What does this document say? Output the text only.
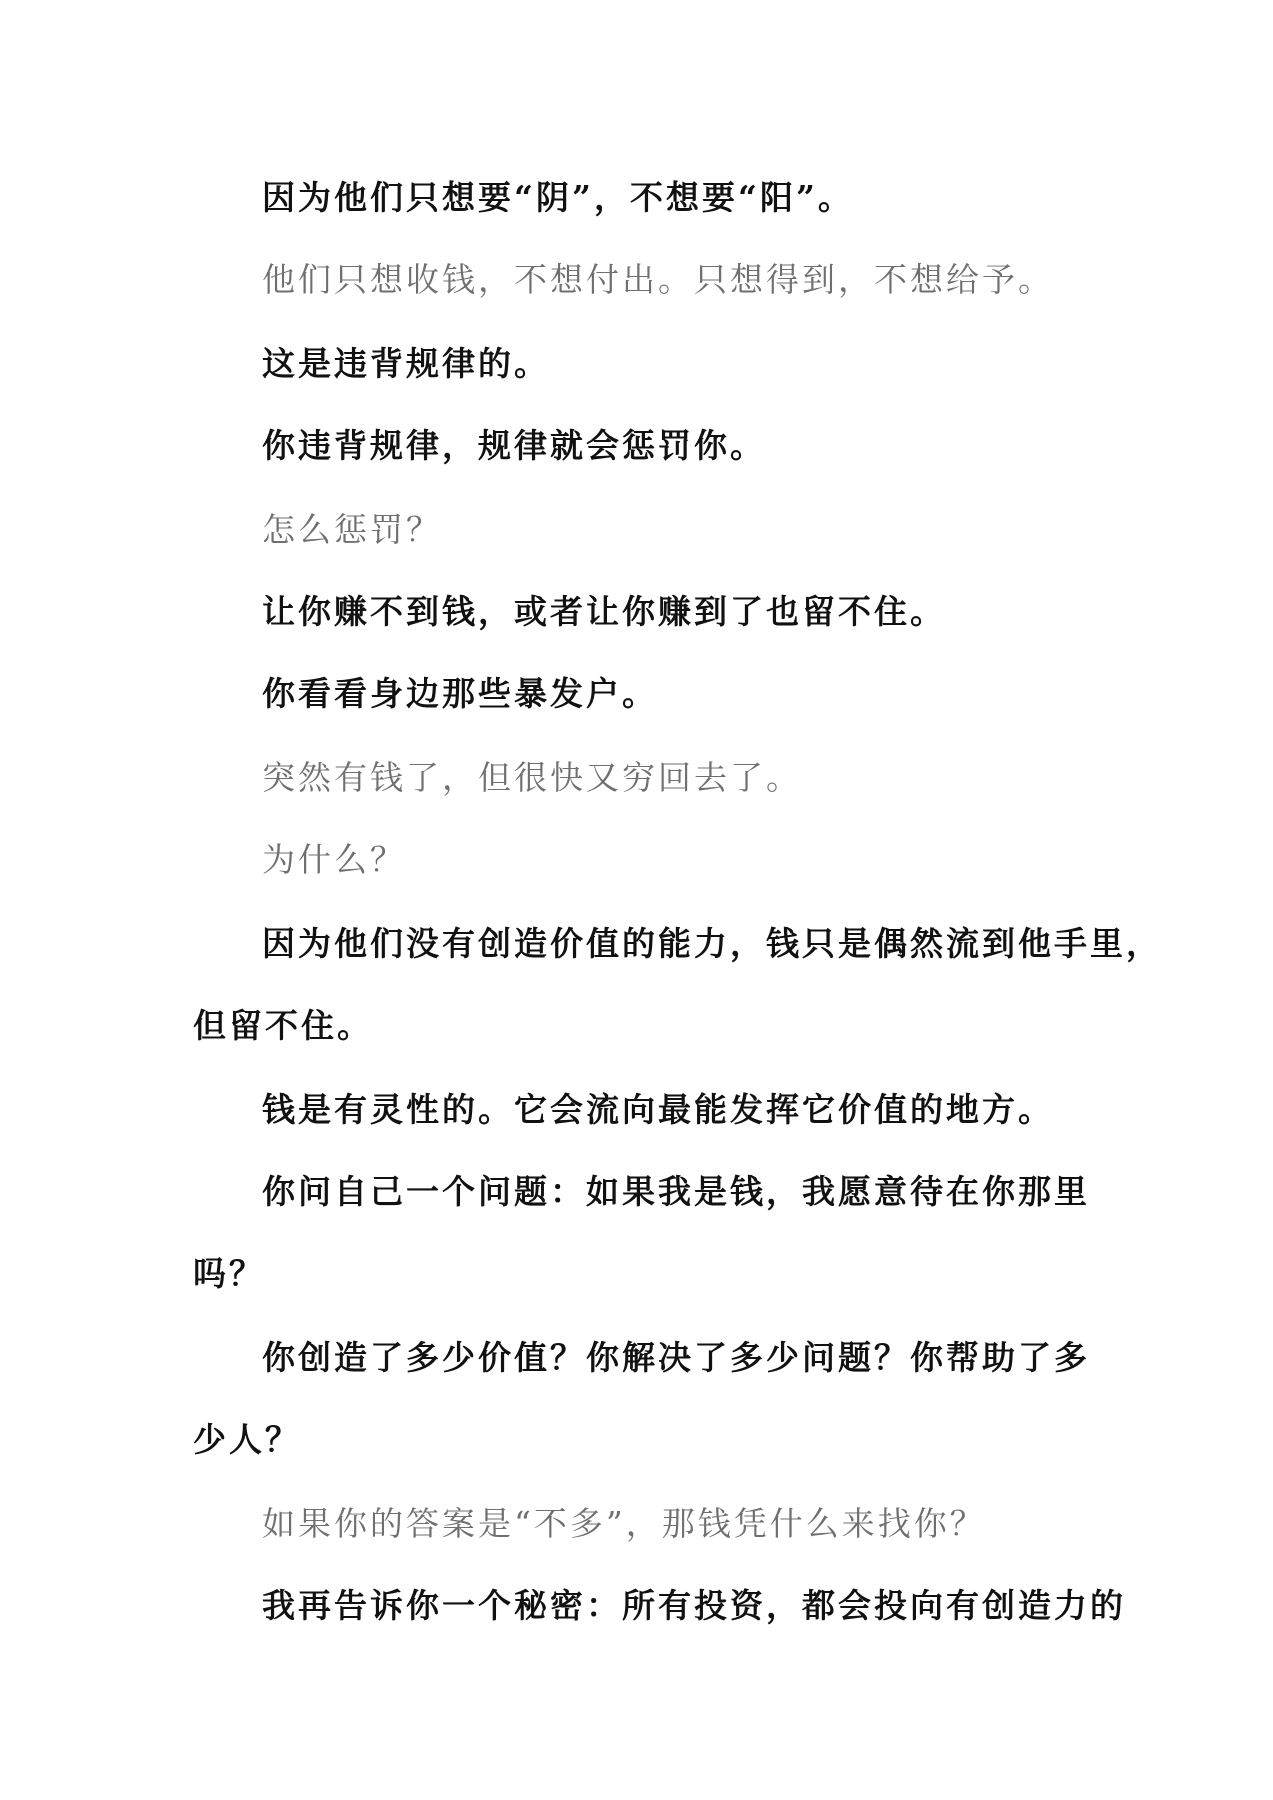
因为他们只想要“阴”，不想要“阳”。
他们只想收钱，不想付出。只想得到，不想给予。
这是违背规律的。
你违背规律，规律就会惩罚你。
怎么惩罚？
让你赚不到钱，或者让你赚到了也留不住。
你看看身边那些暴发户。
突然有钱了，但很快又穷回去了。
为什么？
因为他们没有创造价值的能力，钱只是偶然流到他手里，
但留不住。
钱是有灵性的。它会流向最能发挥它价值的地方。
你问自己一个问题：如果我是钱，我愿意待在你那里
吗？
你创造了多少价值？你解决了多少问题？你帮助了多
少人？
如果你的答案是“不多”，那钱凭什么来找你？
我再告诉你一个秘密：所有投资，都会投向有创造力的
